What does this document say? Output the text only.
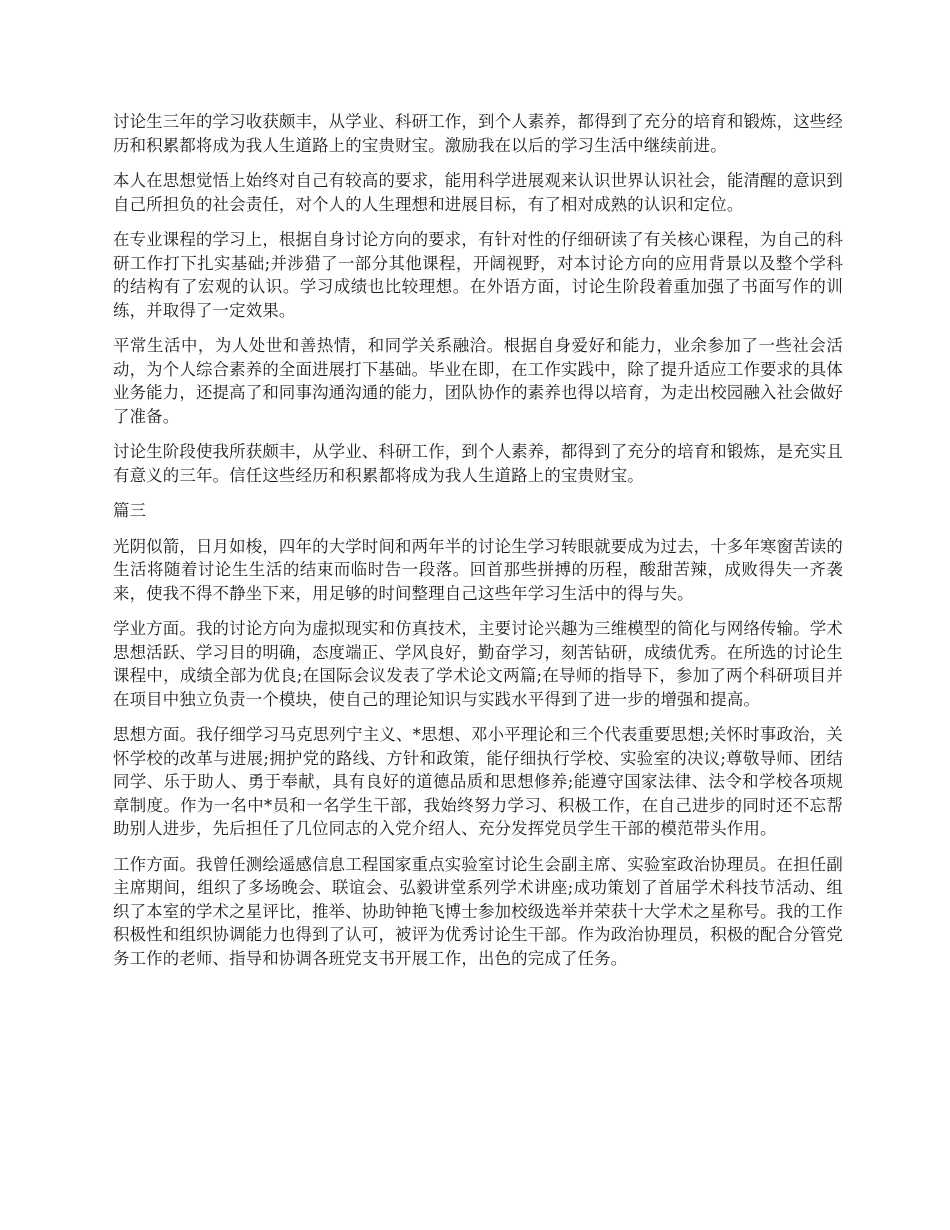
讨论生三年的学习收获颇丰，从学业、科研工作，到个人素养，都得到了充分的培育和锻炼，这些经历和积累都将成为我人生道路上的宝贵财宝。激励我在以后的学习生活中继续前进。

本人在思想觉悟上始终对自己有较高的要求，能用科学进展观来认识世界认识社会，能清醒的意识到自己所担负的社会责任，对个人的人生理想和进展目标，有了相对成熟的认识和定位。

在专业课程的学习上，根据自身讨论方向的要求，有针对性的仔细研读了有关核心课程，为自己的科研工作打下扎实基础;并涉猎了一部分其他课程，开阔视野，对本讨论方向的应用背景以及整个学科的结构有了宏观的认识。学习成绩也比较理想。在外语方面，讨论生阶段着重加强了书面写作的训练，并取得了一定效果。

平常生活中，为人处世和善热情，和同学关系融洽。根据自身爱好和能力，业余参加了一些社会活动，为个人综合素养的全面进展打下基础。毕业在即，在工作实践中，除了提升适应工作要求的具体业务能力，还提高了和同事沟通沟通的能力，团队协作的素养也得以培育，为走出校园融入社会做好了准备。

讨论生阶段使我所获颇丰，从学业、科研工作，到个人素养，都得到了充分的培育和锻炼，是充实且有意义的三年。信任这些经历和积累都将成为我人生道路上的宝贵财宝。

篇三

光阴似箭，日月如梭，四年的大学时间和两年半的讨论生学习转眼就要成为过去，十多年寒窗苦读的生活将随着讨论生生活的结束而临时告一段落。回首那些拼搏的历程，酸甜苦辣，成败得失一齐袭来，使我不得不静坐下来，用足够的时间整理自己这些年学习生活中的得与失。

学业方面。我的讨论方向为虚拟现实和仿真技术，主要讨论兴趣为三维模型的简化与网络传输。学术思想活跃、学习目的明确，态度端正、学风良好，勤奋学习，刻苦钻研，成绩优秀。在所选的讨论生课程中，成绩全部为优良;在国际会议发表了学术论文两篇;在导师的指导下，参加了两个科研项目并在项目中独立负责一个模块，使自己的理论知识与实践水平得到了进一步的增强和提高。

思想方面。我仔细学习马克思列宁主义、*思想、邓小平理论和三个代表重要思想;关怀时事政治，关怀学校的改革与进展;拥护党的路线、方针和政策，能仔细执行学校、实验室的决议;尊敬导师、团结同学、乐于助人、勇于奉献，具有良好的道德品质和思想修养;能遵守国家法律、法令和学校各项规章制度。作为一名中*员和一名学生干部，我始终努力学习、积极工作，在自己进步的同时还不忘帮助别人进步，先后担任了几位同志的入党介绍人、充分发挥党员学生干部的模范带头作用。

工作方面。我曾任测绘遥感信息工程国家重点实验室讨论生会副主席、实验室政治协理员。在担任副主席期间，组织了多场晚会、联谊会、弘毅讲堂系列学术讲座;成功策划了首届学术科技节活动、组织了本室的学术之星评比，推举、协助钟艳飞博士参加校级选举并荣获十大学术之星称号。我的工作积极性和组织协调能力也得到了认可，被评为优秀讨论生干部。作为政治协理员，积极的配合分管党务工作的老师、指导和协调各班党支书开展工作，出色的完成了任务。
